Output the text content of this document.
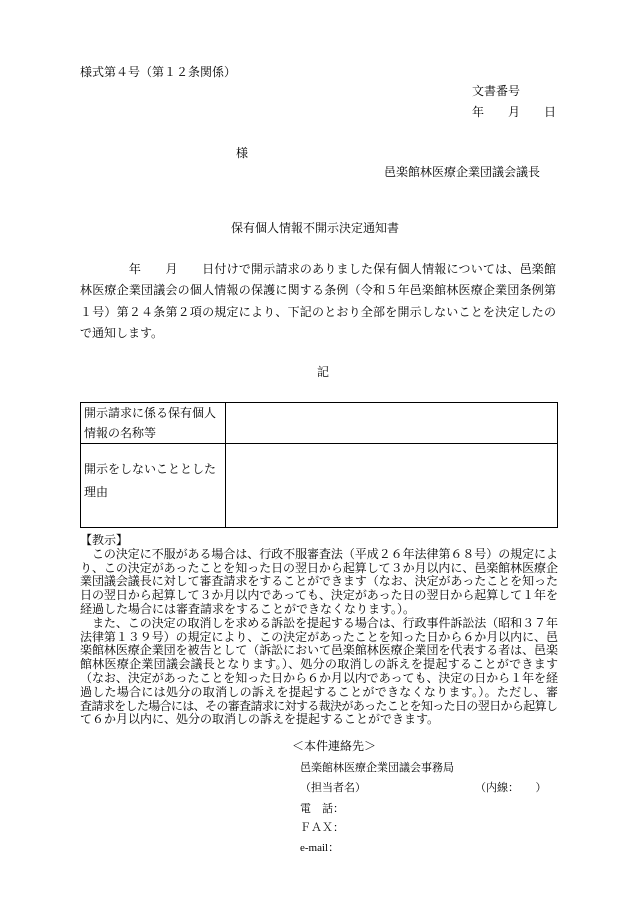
様式第４号（第１２条関係）
文書番号
年　　月　　日
様
邑楽館林医療企業団議会議長
保有個人情報不開示決定通知書
　　　　年　　月　　日付けで開示請求のありました保有個人情報については、邑楽館
林医療企業団議会の個人情報の保護に関する条例（令和５年邑楽館林医療企業団条例第
１号）第２４条第２項の規定により、下記のとおり全部を開示しないことを決定したの
で通知します。
記
開示請求に係る保有個人情報の名称等	
開示をしないこととした理由	
【教示】
　この決定に不服がある場合は、行政不服審査法（平成２６年法律第６８号）の規定によ
り、この決定があったことを知った日の翌日から起算して３か月以内に、邑楽館林医療企
業団議会議長に対して審査請求をすることができます（なお、決定があったことを知った
日の翌日から起算して３か月以内であっても、決定があった日の翌日から起算して１年を
経過した場合には審査請求をすることができなくなります。）。
　また、この決定の取消しを求める訴訟を提起する場合は、行政事件訴訟法（昭和３７年
法律第１３９号）の規定により、この決定があったことを知った日から６か月以内に、邑
楽館林医療企業団を被告として（訴訟において邑楽館林医療企業団を代表する者は、邑楽
館林医療企業団議会議長となります。）、処分の取消しの訴えを提起することができます
（なお、決定があったことを知った日から６か月以内であっても、決定の日から１年を経
過した場合には処分の取消しの訴えを提起することができなくなります。）。ただし、審
査請求をした場合には、その審査請求に対する裁決があったことを知った日の翌日から起算し
て６か月以内に、処分の取消しの訴えを提起することができます。
＜本件連絡先＞
邑楽館林医療企業団議会事務局
（担当者名）	（内線：　　）
電　話：
ＦＡＸ：
e-mail：
